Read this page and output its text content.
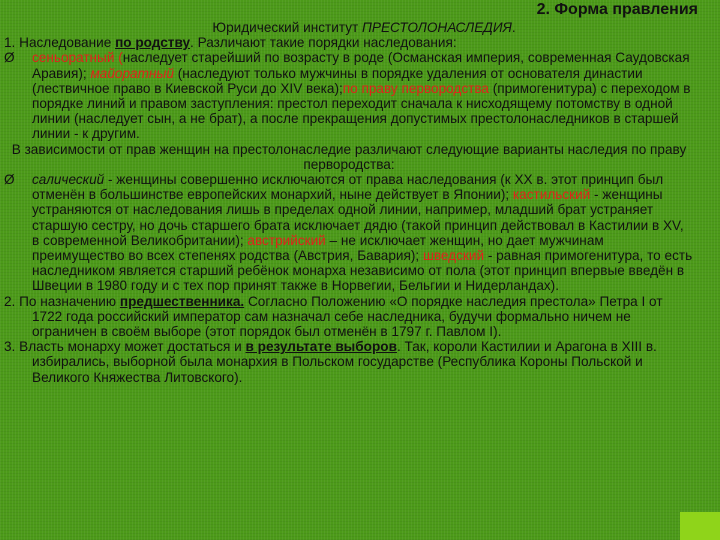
2. Форма правления

Юридический институт ПРЕСТОЛОНАСЛЕДИЯ.

1. Наследование по родству. Различают такие порядки наследования:

Ø	сеньоратный (наследует старейший по возрасту в роде (Османская империя, современная Саудовская Аравия); майоратный (наследуют только мужчины в порядке удаления от основателя династии (лествичное право в Киевской Руси до XIV века);по праву первородства (примогенитура) с переходом в порядке линий и правом заступления: престол переходит сначала к нисходящему потомству в одной линии (наследует сын, а не брат), а после прекращения допустимых престолонаследников в старшей линии - к другим.

В зависимости от прав женщин на престолонаследие различают следующие варианты наследия по праву первородства:

Ø	салический - женщины совершенно исключаются от права наследования (к XX в. этот принцип был отменён в большинстве европейских монархий, ныне действует в Японии); кастильский - женщины устраняются от наследования лишь в пределах одной линии, например, младший брат устраняет старшую сестру, но дочь старшего брата исключает дядю (такой принцип действовал в Кастилии в XV, в современной Великобритании); австрийский – не исключает женщин, но дает мужчинам преимущество во всех степенях родства (Австрия, Бавария); шведский - равная примогенитура, то есть наследником является старший ребёнок монарха независимо от пола (этот принцип впервые введён в Швеции в 1980 году и с тех пор принят также в Норвегии, Бельгии и Нидерландах).

2. По назначению предшественника. Согласно Положению «О порядке наследия престола» Петра I от 1722 года российский император сам назначал себе наследника, будучи формально ничем не ограничен в своём выборе (этот порядок был отменён в 1797 г. Павлом I).

3. Власть монарху может достаться и в результате выборов. Так, короли Кастилии и Арагона в XIII в. избирались, выборной была монархия в Польском государстве (Республика Короны Польской и Великого Княжества Литовского).
